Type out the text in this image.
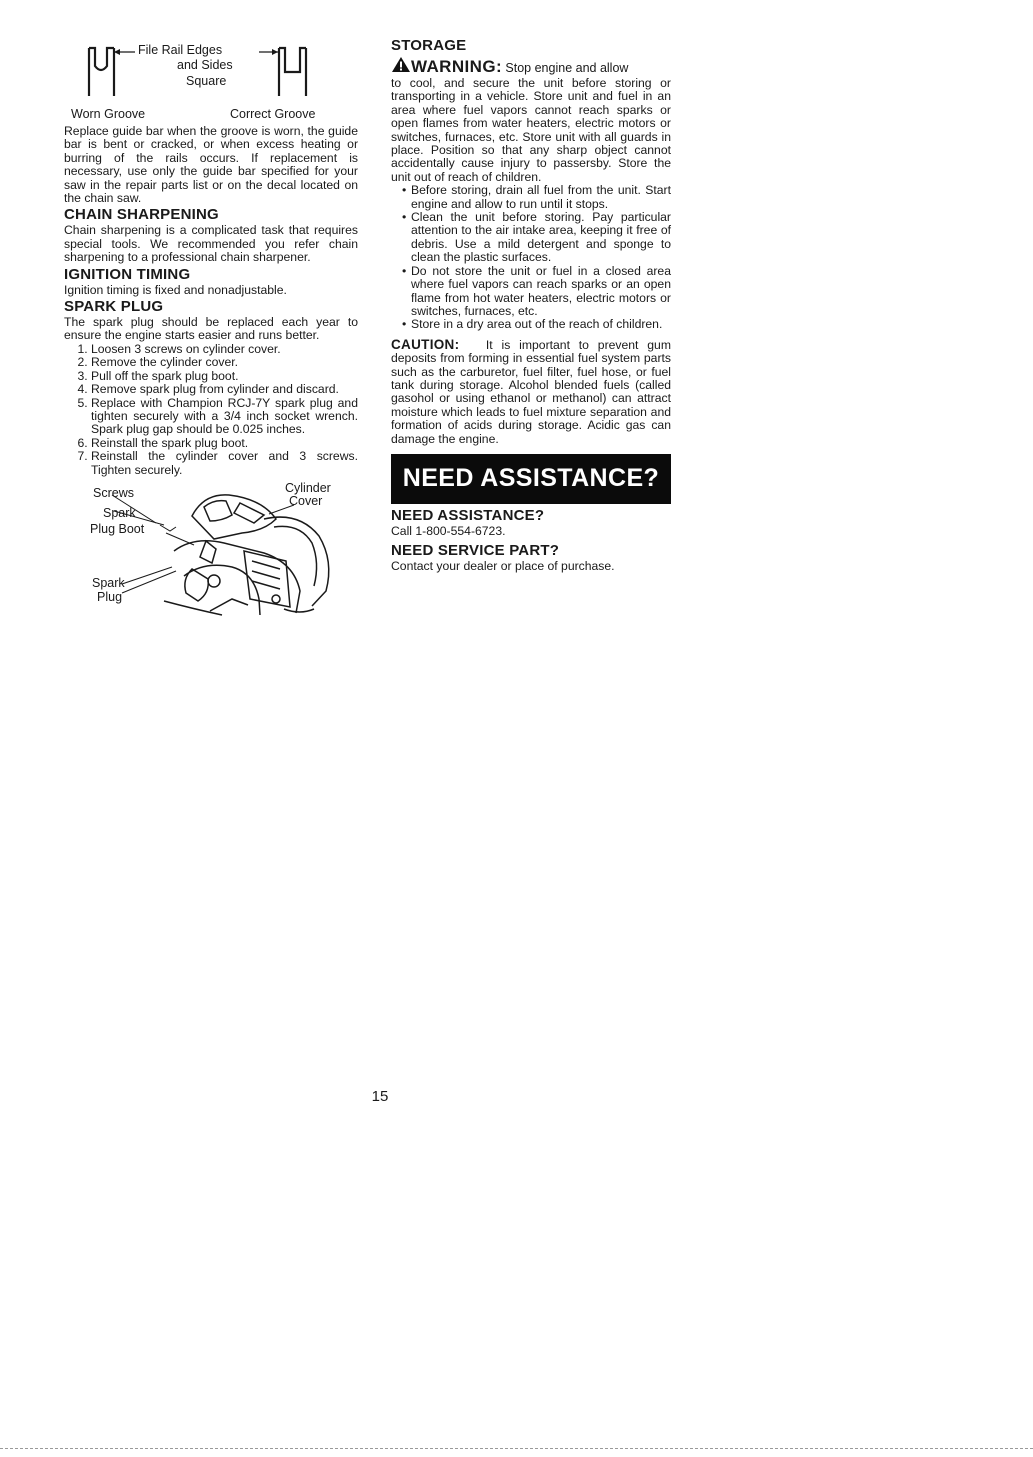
File Rail Edges
and Sides
Square
Worn Groove	Correct Groove

Replace guide bar when the groove is worn, the guide bar is bent or cracked, or when excess heating or burring of the rails occurs. If replacement is necessary, use only the guide bar specified for your saw in the repair parts list or on the decal located on the chain saw.

CHAIN SHARPENING

Chain sharpening is a complicated task that requires special tools. We recommended you refer chain sharpening to a professional chain sharpener.

IGNITION TIMING

Ignition timing is fixed and nonadjustable.

SPARK PLUG

The spark plug should be replaced each year to ensure the engine starts easier and runs better.

1. Loosen 3 screws on cylinder cover.
2. Remove the cylinder cover.
3. Pull off the spark plug boot.
4. Remove spark plug from cylinder and discard.
5. Replace with Champion RCJ-7Y spark plug and tighten securely with a 3/4 inch socket wrench. Spark plug gap should be 0.025 inches.
6. Reinstall the spark plug boot.
7. Reinstall the cylinder cover and 3 screws. Tighten securely.
Screws	Cylinder
Cover
Spark
Plug Boot
Spark
Plug
STORAGE

WARNING: Stop engine and allow

to cool, and secure the unit before storing or transporting in a vehicle. Store unit and fuel in an area where fuel vapors cannot reach sparks or open flames from water heaters, electric motors or switches, furnaces, etc. Store unit with all guards in place. Position so that any sharp object cannot accidentally cause injury to passersby. Store the unit out of reach of children.

• Before storing, drain all fuel from the unit. Start engine and allow to run until it stops.
• Clean the unit before storing. Pay particular attention to the air intake area, keeping it free of debris. Use a mild detergent and sponge to clean the plastic surfaces.
• Do not store the unit or fuel in a closed area where fuel vapors can reach sparks or an open flame from hot water heaters, electric motors or switches, furnaces, etc.
• Store in a dry area out of the reach of children.

CAUTION: It is important to prevent gum deposits from forming in essential fuel system parts such as the carburetor, fuel filter, fuel hose, or fuel tank during storage. Alcohol blended fuels (called gasohol or using ethanol or methanol) can attract moisture which leads to fuel mixture separation and formation of acids during storage. Acidic gas can damage the engine.

NEED ASSISTANCE?
NEED ASSISTANCE?

Call 1-800-554-6723.

NEED SERVICE PART?

Contact your dealer or place of purchase.

15
